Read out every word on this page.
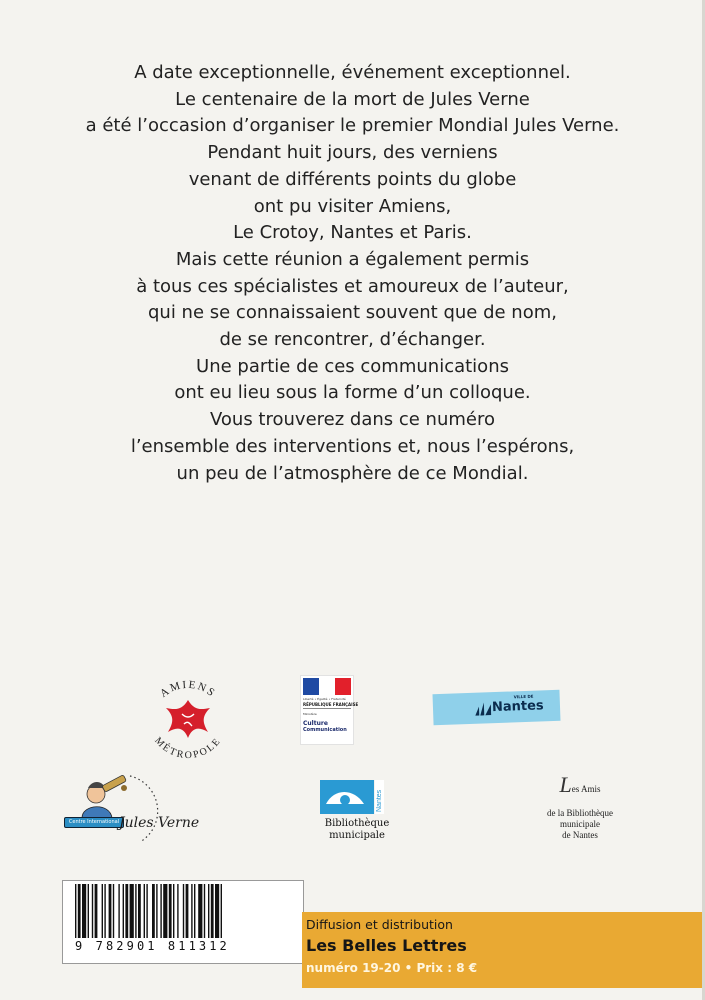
A date exceptionnelle, événement exceptionnel.
Le centenaire de la mort de Jules Verne
a été l’occasion d’organiser le premier Mondial Jules Verne.
Pendant huit jours, des verniens
venant de différents points du globe
ont pu visiter Amiens,
Le Crotoy, Nantes et Paris.
Mais cette réunion a également permis
à tous ces spécialistes et amoureux de l’auteur,
qui ne se connaissaient souvent que de nom,
de se rencontrer, d’échanger.
Une partie de ces communications
ont eu lieu sous la forme d’un colloque.
Vous trouverez dans ce numéro
l’ensemble des interventions et, nous l’espérons,
un peu de l’atmosphère de ce Mondial.
AMIENS
MÉTROPOLE
Liberté • Égalité • Fraternité
RÉPUBLIQUE FRANÇAISE
Ministère
Culture
Communication
VILLE DE
Nantes
Centre International Jules Verne
Nantes
Bibliothèque
municipale
Les Amis
de la Bibliothèque
municipale
de Nantes
9 782901 811312
Diffusion et distribution
Les Belles Lettres
numéro 19-20 • Prix : 8 €
